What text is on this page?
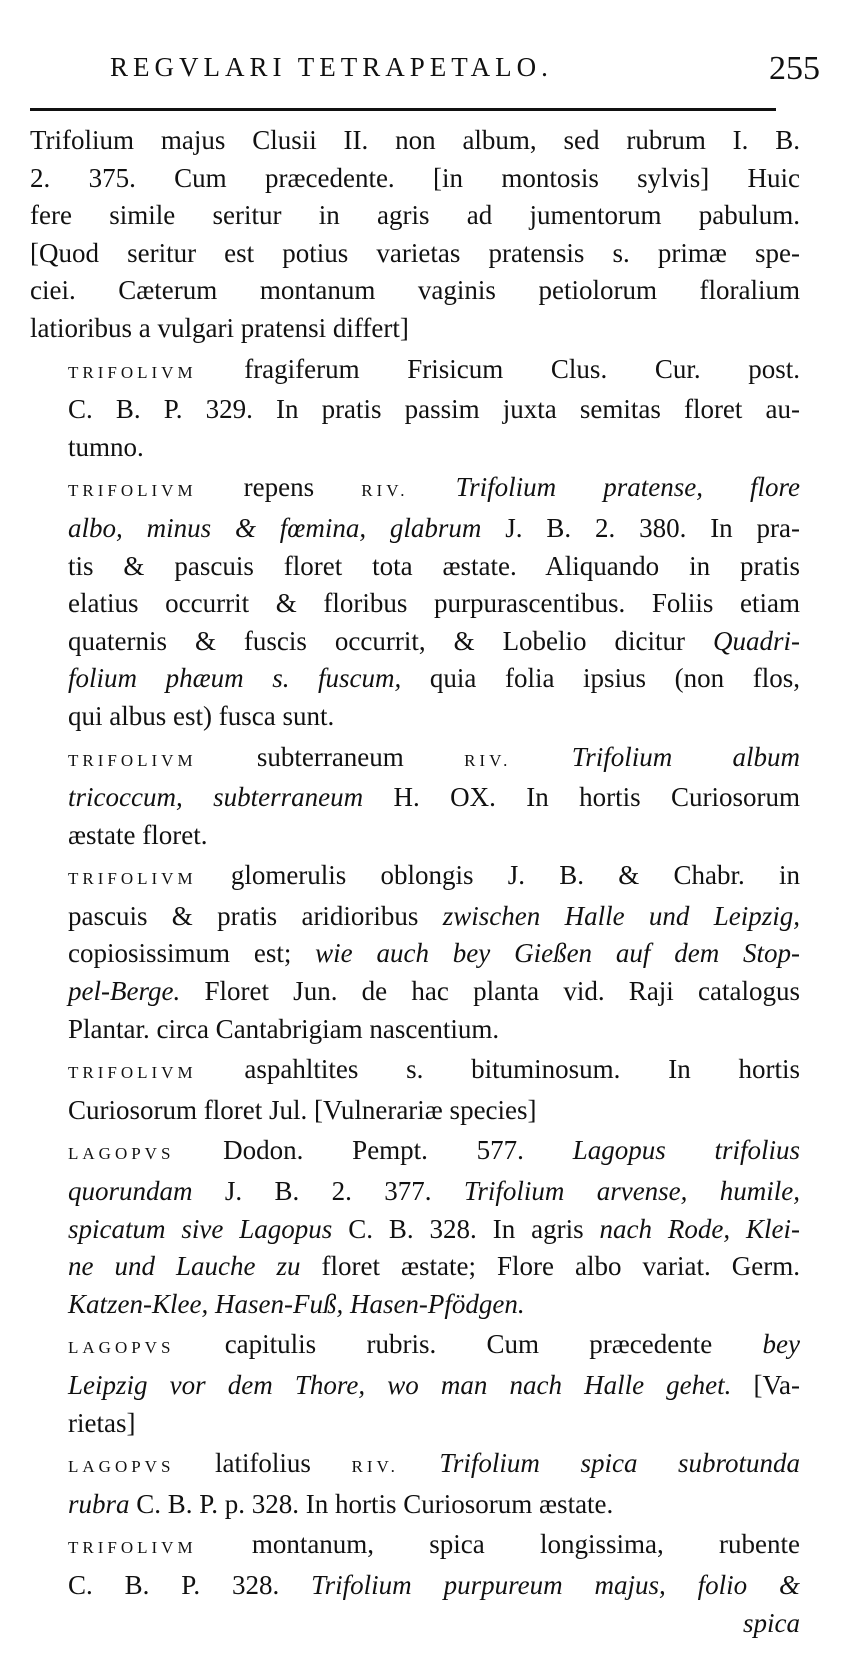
REGVLARI TETRAPETALO.	255
Trifolium majus Clusii II. non album, sed rubrum I. B.
2. 375. Cum præcedente. [in montosis sylvis] Huic
fere simile seritur in agris ad jumentorum pabulum.
[Quod seritur est potius varietas pratensis s. primæ spe-
ciei. Cæterum montanum vaginis petiolorum floralium
latioribus a vulgari pratensi differt]
TRIFOLIVM fragiferum Frisicum Clus. Cur. post.
C. B. P. 329. In pratis passim juxta semitas floret au-
tumno.
TRIFOLIVM repens	RIV. Trifolium pratense, flore
albo, minus & fœmina, glabrum J. B. 2. 380. In pra-
tis & pascuis floret tota æstate. Aliquando in pratis
elatius occurrit & floribus purpurascentibus. Foliis etiam
quaternis & fuscis occurrit, & Lobelio dicitur Quadri-
folium phæum s. fuscum, quia folia ipsius (non flos,
qui albus est) fusca sunt.
TRIFOLIVM subterraneum	RIV. Trifolium album
tricoccum, subterraneum H. OX. In hortis Curiosorum
æstate floret.
TRIFOLIVM glomerulis oblongis J. B. & Chabr. in
pascuis & pratis aridioribus zwischen Halle und Leipzig,
copiosissimum est; wie auch bey Gießen auf dem Stop-
pel-Berge. Floret Jun. de hac planta vid. Raji catalogus
Plantar. circa Cantabrigiam nascentium.
TRIFOLIVM aspahltites s. bituminosum. In hortis
Curiosorum floret Jul. [Vulnerariæ species]
LAGOPVS Dodon. Pempt. 577. Lagopus trifolius
quorundam J. B. 2. 377. Trifolium arvense, humile,
spicatum sive Lagopus C. B. 328. In agris nach Rode, Klei-
ne und Lauche zu floret æstate; Flore albo variat. Germ.
Katzen-Klee, Hasen-Fuß, Hasen-Pfödgen.
LAGOPVS capitulis rubris. Cum præcedente bey
Leipzig vor dem Thore, wo man nach Halle gehet. [Va-
rietas]
LAGOPVS latifolius RIV. Trifolium spica subrotunda
rubra C. B. P. p. 328. In hortis Curiosorum æstate.
TRIFOLIVM montanum, spica longissima, rubente
C. B. P. 328. Trifolium purpureum majus, folio &
spica
